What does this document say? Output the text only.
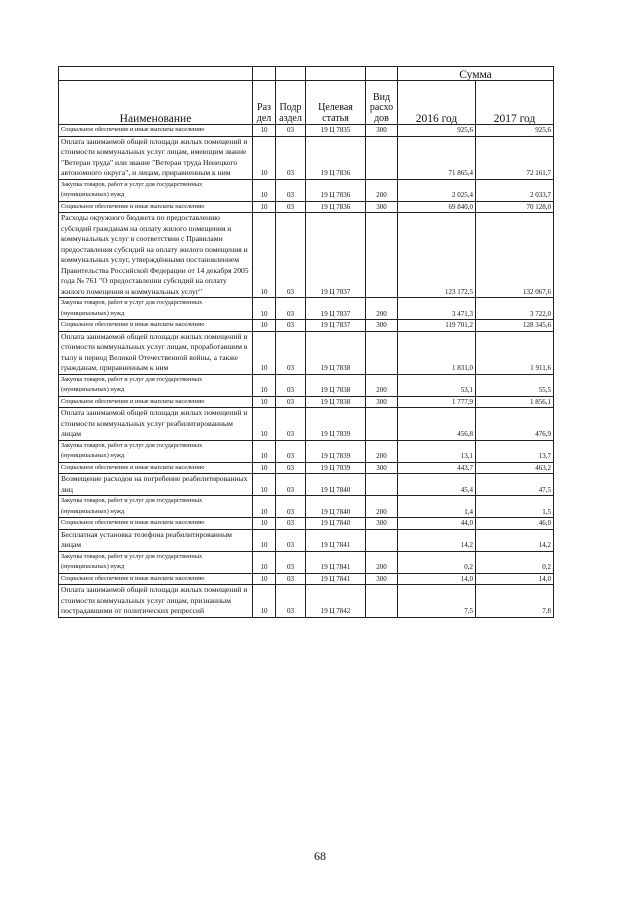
					Сумма	
Наименование	Раз дел	Подр аздел	Целевая статья	Вид расхо дов	2016 год	2017 год
Социальное обеспечение и иные выплаты населению	10	03	19 Ц 7835	300	925,6	925,6
Оплата занимаемой общей площади жилых помещений и стоимости коммунальных услуг лицам, имеющим звание "Ветеран труда" или звание "Ветеран труда Ненецкого автономного округа", и лицам, приравненным к ним	10	03	19 Ц 7836		71 865,4	72 161,7
Закупка товаров, работ и услуг для государственных (муниципальных) нужд	10	03	19 Ц 7836	200	2 025,4	2 033,7
Социальное обеспечение и иные выплаты населению	10	03	19 Ц 7836	300	69 840,0	70 128,0
Расходы окружного бюджета по предоставлению субсидий гражданам на оплату жилого помещения и коммунальных услуг в соответствии с Правилами предоставления субсидий на оплату жилого помещения и коммунальных услуг, утверждёнными постановлением Правительства Российской Федерации от 14 декабря 2005 года № 761 "О предоставлении субсидий на оплату жилого помещения и коммунальных услуг"	10	03	19 Ц 7837		123 172,5	132 067,6
Закупка товаров, работ и услуг для государственных (муниципальных) нужд	10	03	19 Ц 7837	200	3 471,3	3 722,0
Социальное обеспечение и иные выплаты населению	10	03	19 Ц 7837	300	119 701,2	128 345,6
Оплата занимаемой общей площади жилых помещений и стоимости коммунальных услуг лицам, проработавшим в тылу в период Великой Отечественной войны, а также гражданам, приравненным к ним	10	03	19 Ц 7838		1 831,0	1 911,6
Закупка товаров, работ и услуг для государственных (муниципальных) нужд	10	03	19 Ц 7838	200	53,1	55,5
Социальное обеспечение и иные выплаты населению	10	03	19 Ц 7838	300	1 777,9	1 856,1
Оплата занимаемой общей площади жилых помещений и стоимости коммунальных услуг реабилитированным лицам	10	03	19 Ц 7839		456,8	476,9
Закупка товаров, работ и услуг для государственных (муниципальных) нужд	10	03	19 Ц 7839	200	13,1	13,7
Социальное обеспечение и иные выплаты населению	10	03	19 Ц 7839	300	443,7	463,2
Возмещение расходов на погребение реабилитированных лиц	10	03	19 Ц 7840		45,4	47,5
Закупка товаров, работ и услуг для государственных (муниципальных) нужд	10	03	19 Ц 7840	200	1,4	1,5
Социальное обеспечение и иные выплаты населению	10	03	19 Ц 7840	300	44,0	46,0
Бесплатная установка телефона реабилитированным лицам	10	03	19 Ц 7841		14,2	14,2
Закупка товаров, работ и услуг для государственных (муниципальных) нужд	10	03	19 Ц 7841	200	0,2	0,2
Социальное обеспечение и иные выплаты населению	10	03	19 Ц 7841	300	14,0	14,0
Оплата занимаемой общей площади жилых помещений и стоимости коммунальных услуг лицам, признанным пострадавшими от политических репрессий	10	03	19 Ц 7842		7,5	7,8
68
